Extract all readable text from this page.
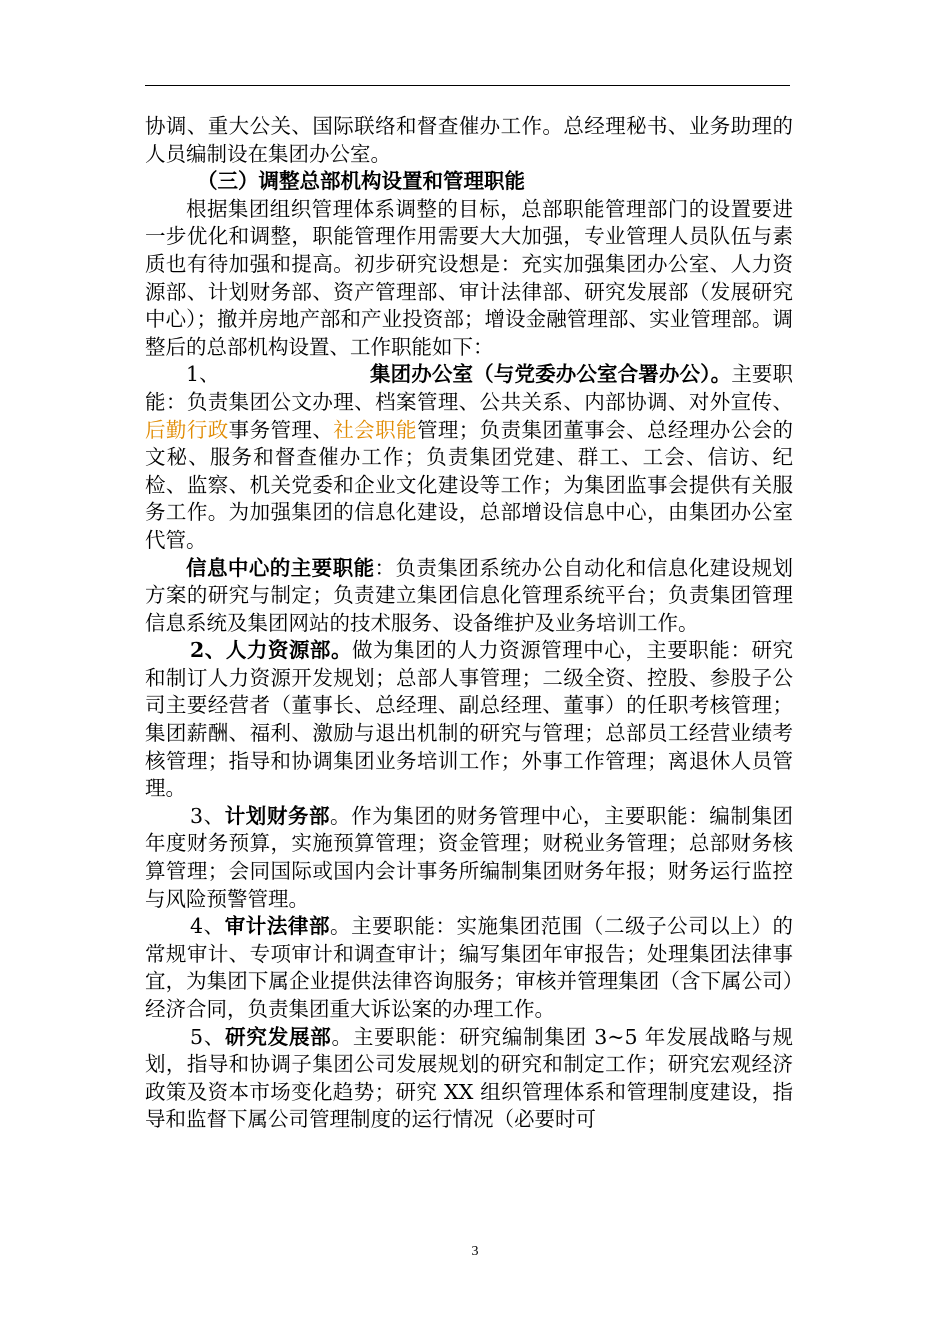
协调、重大公关、国际联络和督查催办工作。总经理秘书、业务助理的人员编制设在集团办公室。

（三）调整总部机构设置和管理职能

根据集团组织管理体系调整的目标，总部职能管理部门的设置要进一步优化和调整，职能管理作用需要大大加强，专业管理人员队伍与素质也有待加强和提高。初步研究设想是：充实加强集团办公室、人力资源部、计划财务部、资产管理部、审计法律部、研究发展部（发展研究中心）；撤并房地产部和产业投资部；增设金融管理部、实业管理部。调整后的总部机构设置、工作职能如下：

1、	集团办公室（与党委办公室合署办公）。主要职能：负责集团公文办理、档案管理、公共关系、内部协调、对外宣传、后勤行政事务管理、社会职能管理；负责集团董事会、总经理办公会的文秘、服务和督查催办工作；负责集团党建、群工、工会、信访、纪检、监察、机关党委和企业文化建设等工作；为集团监事会提供有关服务工作。为加强集团的信息化建设，总部增设信息中心，由集团办公室代管。

信息中心的主要职能：负责集团系统办公自动化和信息化建设规划方案的研究与制定；负责建立集团信息化管理系统平台；负责集团管理信息系统及集团网站的技术服务、设备维护及业务培训工作。

2、人力资源部。做为集团的人力资源管理中心，主要职能：研究和制订人力资源开发规划；总部人事管理；二级全资、控股、参股子公司主要经营者（董事长、总经理、副总经理、董事）的任职考核管理；集团薪酬、福利、激励与退出机制的研究与管理；总部员工经营业绩考核管理；指导和协调集团业务培训工作；外事工作管理；离退休人员管理。

3、计划财务部。作为集团的财务管理中心，主要职能：编制集团年度财务预算，实施预算管理；资金管理；财税业务管理；总部财务核算管理；会同国际或国内会计事务所编制集团财务年报；财务运行监控与风险预警管理。

4、审计法律部。主要职能：实施集团范围（二级子公司以上）的常规审计、专项审计和调查审计；编写集团年审报告；处理集团法律事宜，为集团下属企业提供法律咨询服务；审核并管理集团（含下属公司）经济合同，负责集团重大诉讼案的办理工作。

5、研究发展部。主要职能：研究编制集团 3~5 年发展战略与规划，指导和协调子集团公司发展规划的研究和制定工作；研究宏观经济政策及资本市场变化趋势；研究 XX 组织管理体系和管理制度建设，指导和监督下属公司管理制度的运行情况（必要时可

3
